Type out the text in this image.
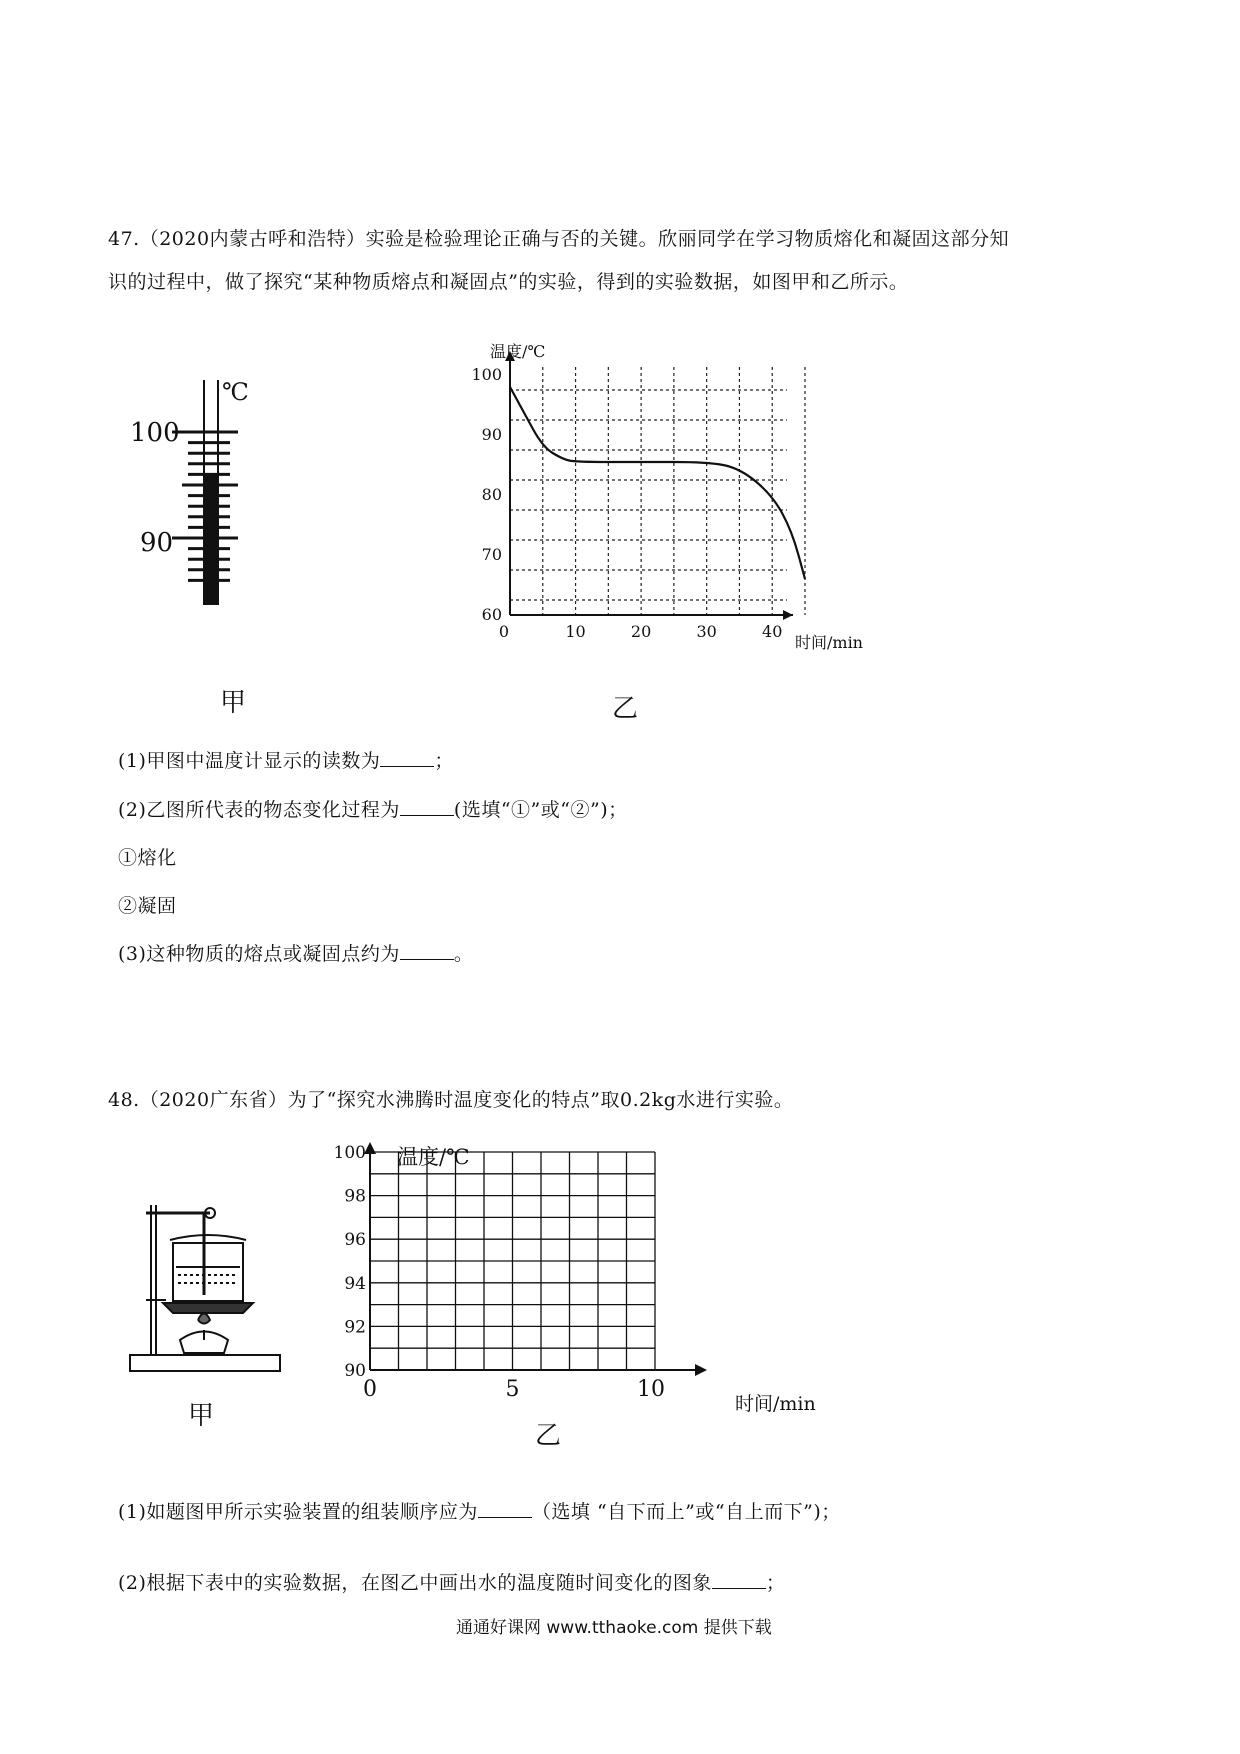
47.（2020内蒙古呼和浩特）实验是检验理论正确与否的关键。欣丽同学在学习物质熔化和凝固这部分知
识的过程中，做了探究“某种物质熔点和凝固点”的实验，得到的实验数据，如图甲和乙所示。
℃
100
90
甲
60
70
80
90
100
0	10	20	30	40
温度/℃
时间/min
乙
(1)甲图中温度计显示的读数为	；
(2)乙图所代表的物态变化过程为	(选填“①”或“②”)；
①熔化
②凝固
(3)这种物质的熔点或凝固点约为	。
48.（2020广东省）为了“探究水沸腾时温度变化的特点”取0.2kg水进行实验。
甲
90
92
94
96
98
100
0	5	10
温度/℃
时间/min
乙
(1)如题图甲所示实验装置的组装顺序应为	（选填 “自下而上”或“自上而下”)；
(2)根据下表中的实验数据，在图乙中画出水的温度随时间变化的图象	；
通通好课网 www.tthaoke.com 提供下载
